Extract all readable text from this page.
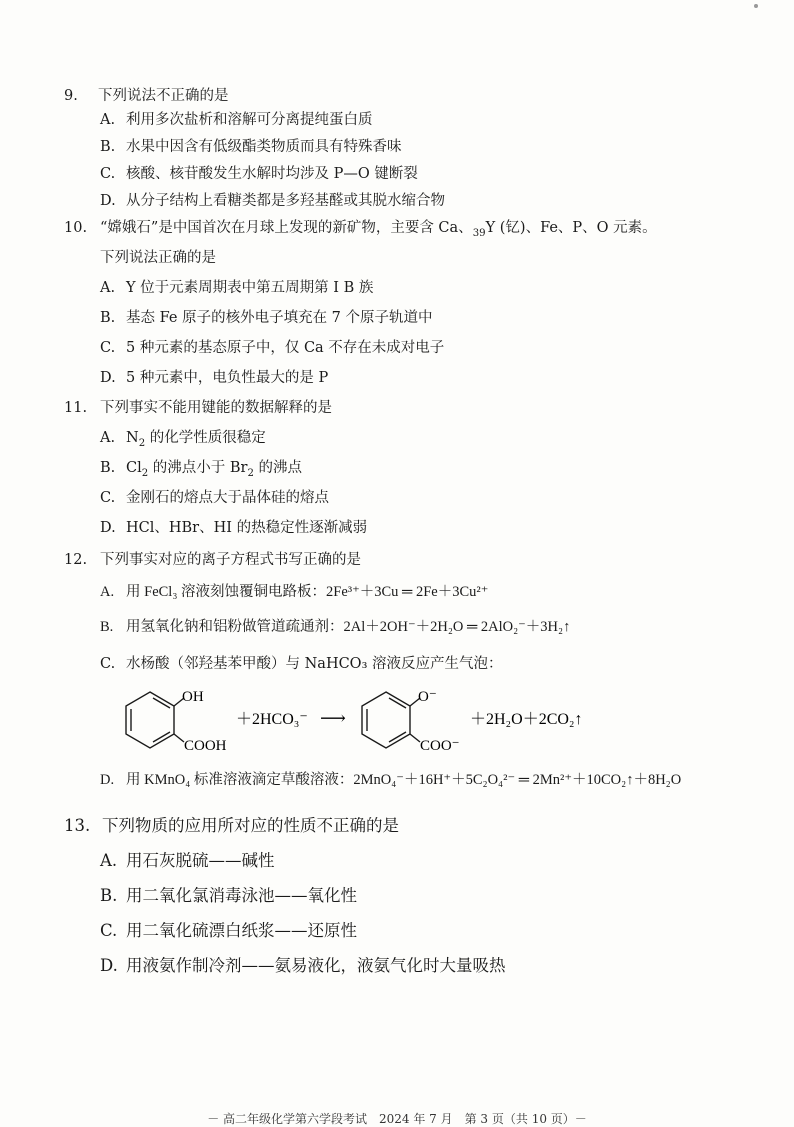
9. 下列说法不正确的是
A. 利用多次盐析和溶解可分离提纯蛋白质
B. 水果中因含有低级酯类物质而具有特殊香味
C. 核酸、核苷酸发生水解时均涉及 P—O 键断裂
D. 从分子结构上看糖类都是多羟基醛或其脱水缩合物
10. “嫦娥石”是中国首次在月球上发现的新矿物，主要含 Ca、$_{39}$Y (钇)、Fe、P、O 元素。
下列说法正确的是
A. Y 位于元素周期表中第五周期第 Ⅰ B 族
B. 基态 Fe 原子的核外电子填充在 7 个原子轨道中
C. 5 种元素的基态原子中，仅 Ca 不存在未成对电子
D. 5 种元素中，电负性最大的是 P
11. 下列事实不能用键能的数据解释的是
A. $N_2$ 的化学性质很稳定
B. $Cl_2$ 的沸点小于 $Br_2$ 的沸点
C. 金刚石的熔点大于晶体硅的熔点
D. HCl、HBr、HI 的热稳定性逐渐减弱
12. 下列事实对应的离子方程式书写正确的是
A. 用 FeCl₃ 溶液刻蚀覆铜电路板：2Fe³⁺＋3Cu ═ 2Fe＋3Cu²⁺
B. 用氢氧化钠和铝粉做管道疏通剂：2Al＋2OH⁻＋2H₂O ═ 2AlO₂⁻＋3H₂↑
C. 水杨酸（邻羟基苯甲酸）与 NaHCO₃ 溶液反应产生气泡：
OH
COOH
＋2HCO₃⁻ ⟶
O⁻
COO⁻
＋2H₂O＋2CO₂↑
D. 用 KMnO₄ 标准溶液滴定草酸溶液：2MnO₄⁻＋16H⁺＋5C₂O₄²⁻ ═ 2Mn²⁺＋10CO₂↑＋8H₂O
13. 下列物质的应用所对应的性质不正确的是
A. 用石灰脱硫——碱性
B. 用二氧化氯消毒泳池——氧化性
C. 用二氧化硫漂白纸浆——还原性
D. 用液氨作制冷剂——氨易液化，液氨气化时大量吸热
－ 高二年级化学第六学段考试　2024 年 7 月　第 3 页（共 10 页）－
